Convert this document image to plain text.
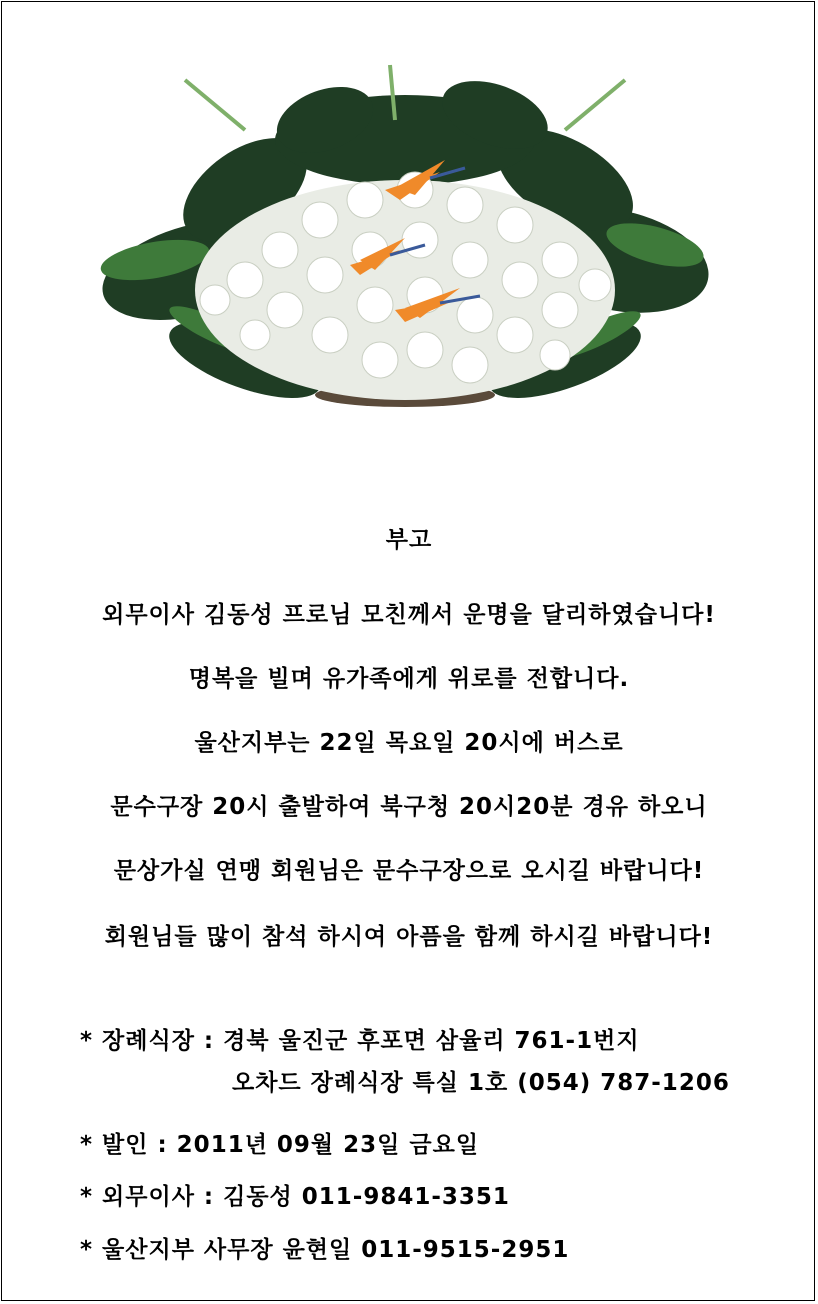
부고
외무이사 김동성 프로님 모친께서 운명을 달리하였습니다!
명복을 빌며 유가족에게 위로를 전합니다.
울산지부는 22일 목요일 20시에 버스로
문수구장 20시 출발하여 북구청 20시20분 경유 하오니
문상가실 연맹 회원님은 문수구장으로 오시길 바랍니다!
회원님들 많이 참석 하시여 아픔을 함께 하시길 바랍니다!
* 장례식장 : 경북 울진군 후포면 삼율리 761-1번지
오차드 장례식장 특실 1호 (054) 787-1206
* 발인 : 2011년 09월 23일 금요일
* 외무이사 : 김동성 011-9841-3351
* 울산지부 사무장 윤현일 011-9515-2951
